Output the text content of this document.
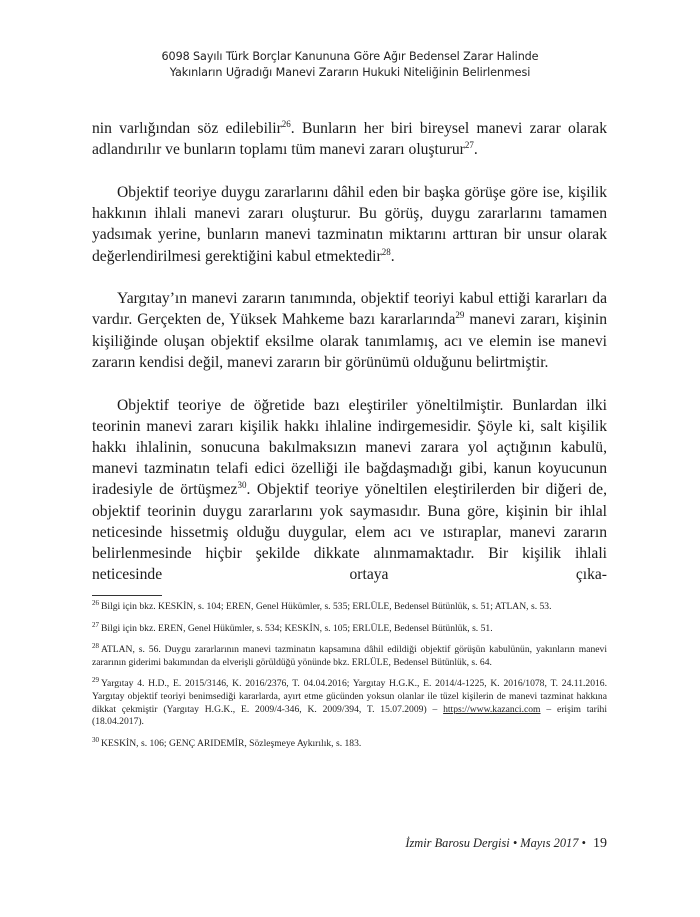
6098 Sayılı Türk Borçlar Kanununa Göre Ağır Bedensel Zarar Halinde
Yakınların Uğradığı Manevi Zararın Hukuki Niteliğinin Belirlenmesi

nin varlığından söz edilebilir$^{26}$. Bunların her biri bireysel manevi zarar olarak adlandırılır ve bunların toplamı tüm manevi zararı oluşturur$^{27}$.

Objektif teoriye duygu zararlarını dâhil eden bir başka görüşe göre ise, kişilik hakkının ihlali manevi zararı oluşturur. Bu görüş, duygu zararlarını tamamen yadsımak yerine, bunların manevi tazminatın miktarını arttıran bir unsur olarak değerlendirilmesi gerektiğini kabul etmektedir$^{28}$.

Yargıtay’ın manevi zararın tanımında, objektif teoriyi kabul ettiği kararları da vardır. Gerçekten de, Yüksek Mahkeme bazı kararlarında$^{29}$ manevi zararı, kişinin kişiliğinde oluşan objektif eksilme olarak tanımlamış, acı ve elemin ise manevi zararın kendisi değil, manevi zararın bir görünümü olduğunu belirtmiştir.

Objektif teoriye de öğretide bazı eleştiriler yöneltilmiştir. Bunlardan ilki teorinin manevi zararı kişilik hakkı ihlaline indirgemesidir. Şöyle ki, salt kişilik hakkı ihlalinin, sonucuna bakılmaksızın manevi zarara yol açtığının kabulü, manevi tazminatın telafi edici özelliği ile bağdaşmadığı gibi, kanun koyucunun iradesiyle de örtüşmez$^{30}$. Objektif teoriye yöneltilen eleştirilerden bir diğeri de, objektif teorinin duygu zararlarını yok saymasıdır. Buna göre, kişinin bir ihlal neticesinde hissetmiş olduğu duygular, elem acı ve ıstıraplar, manevi zararın belirlenmesinde hiçbir şekilde dikkate alınmamaktadır. Bir kişilik ihlali neticesinde ortaya çıka-

$^{26}$ Bilgi için bkz. KESKİN, s. 104; EREN, Genel Hükümler, s. 535; ERLÜLE, Bedensel Bütünlük, s. 51; ATLAN, s. 53.
$^{27}$ Bilgi için bkz. EREN, Genel Hükümler, s. 534; KESKİN, s. 105; ERLÜLE, Bedensel Bütünlük, s. 51.
$^{28}$ ATLAN, s. 56. Duygu zararlarının manevi tazminatın kapsamına dâhil edildiği objektif görüşün kabulünün, yakınların manevi zararının giderimi bakımından da elverişli görüldüğü yönünde bkz. ERLÜLE, Bedensel Bütünlük, s. 64.
$^{29}$ Yargıtay 4. H.D., E. 2015/3146, K. 2016/2376, T. 04.04.2016; Yargıtay H.G.K., E. 2014/4-1225, K. 2016/1078, T. 24.11.2016. Yargıtay objektif teoriyi benimsediği kararlarda, ayırt etme gücünden yoksun olanlar ile tüzel kişilerin de manevi tazminat hakkına dikkat çekmiştir (Yargıtay H.G.K., E. 2009/4-346, K. 2009/394, T. 15.07.2009) – https://www.kazanci.com – erişim tarihi (18.04.2017).
$^{30}$ KESKİN, s. 106; GENÇ ARIDEMİR, Sözleşmeye Aykırılık, s. 183.
İzmir Barosu Dergisi • Mayıs 2017 • 19
